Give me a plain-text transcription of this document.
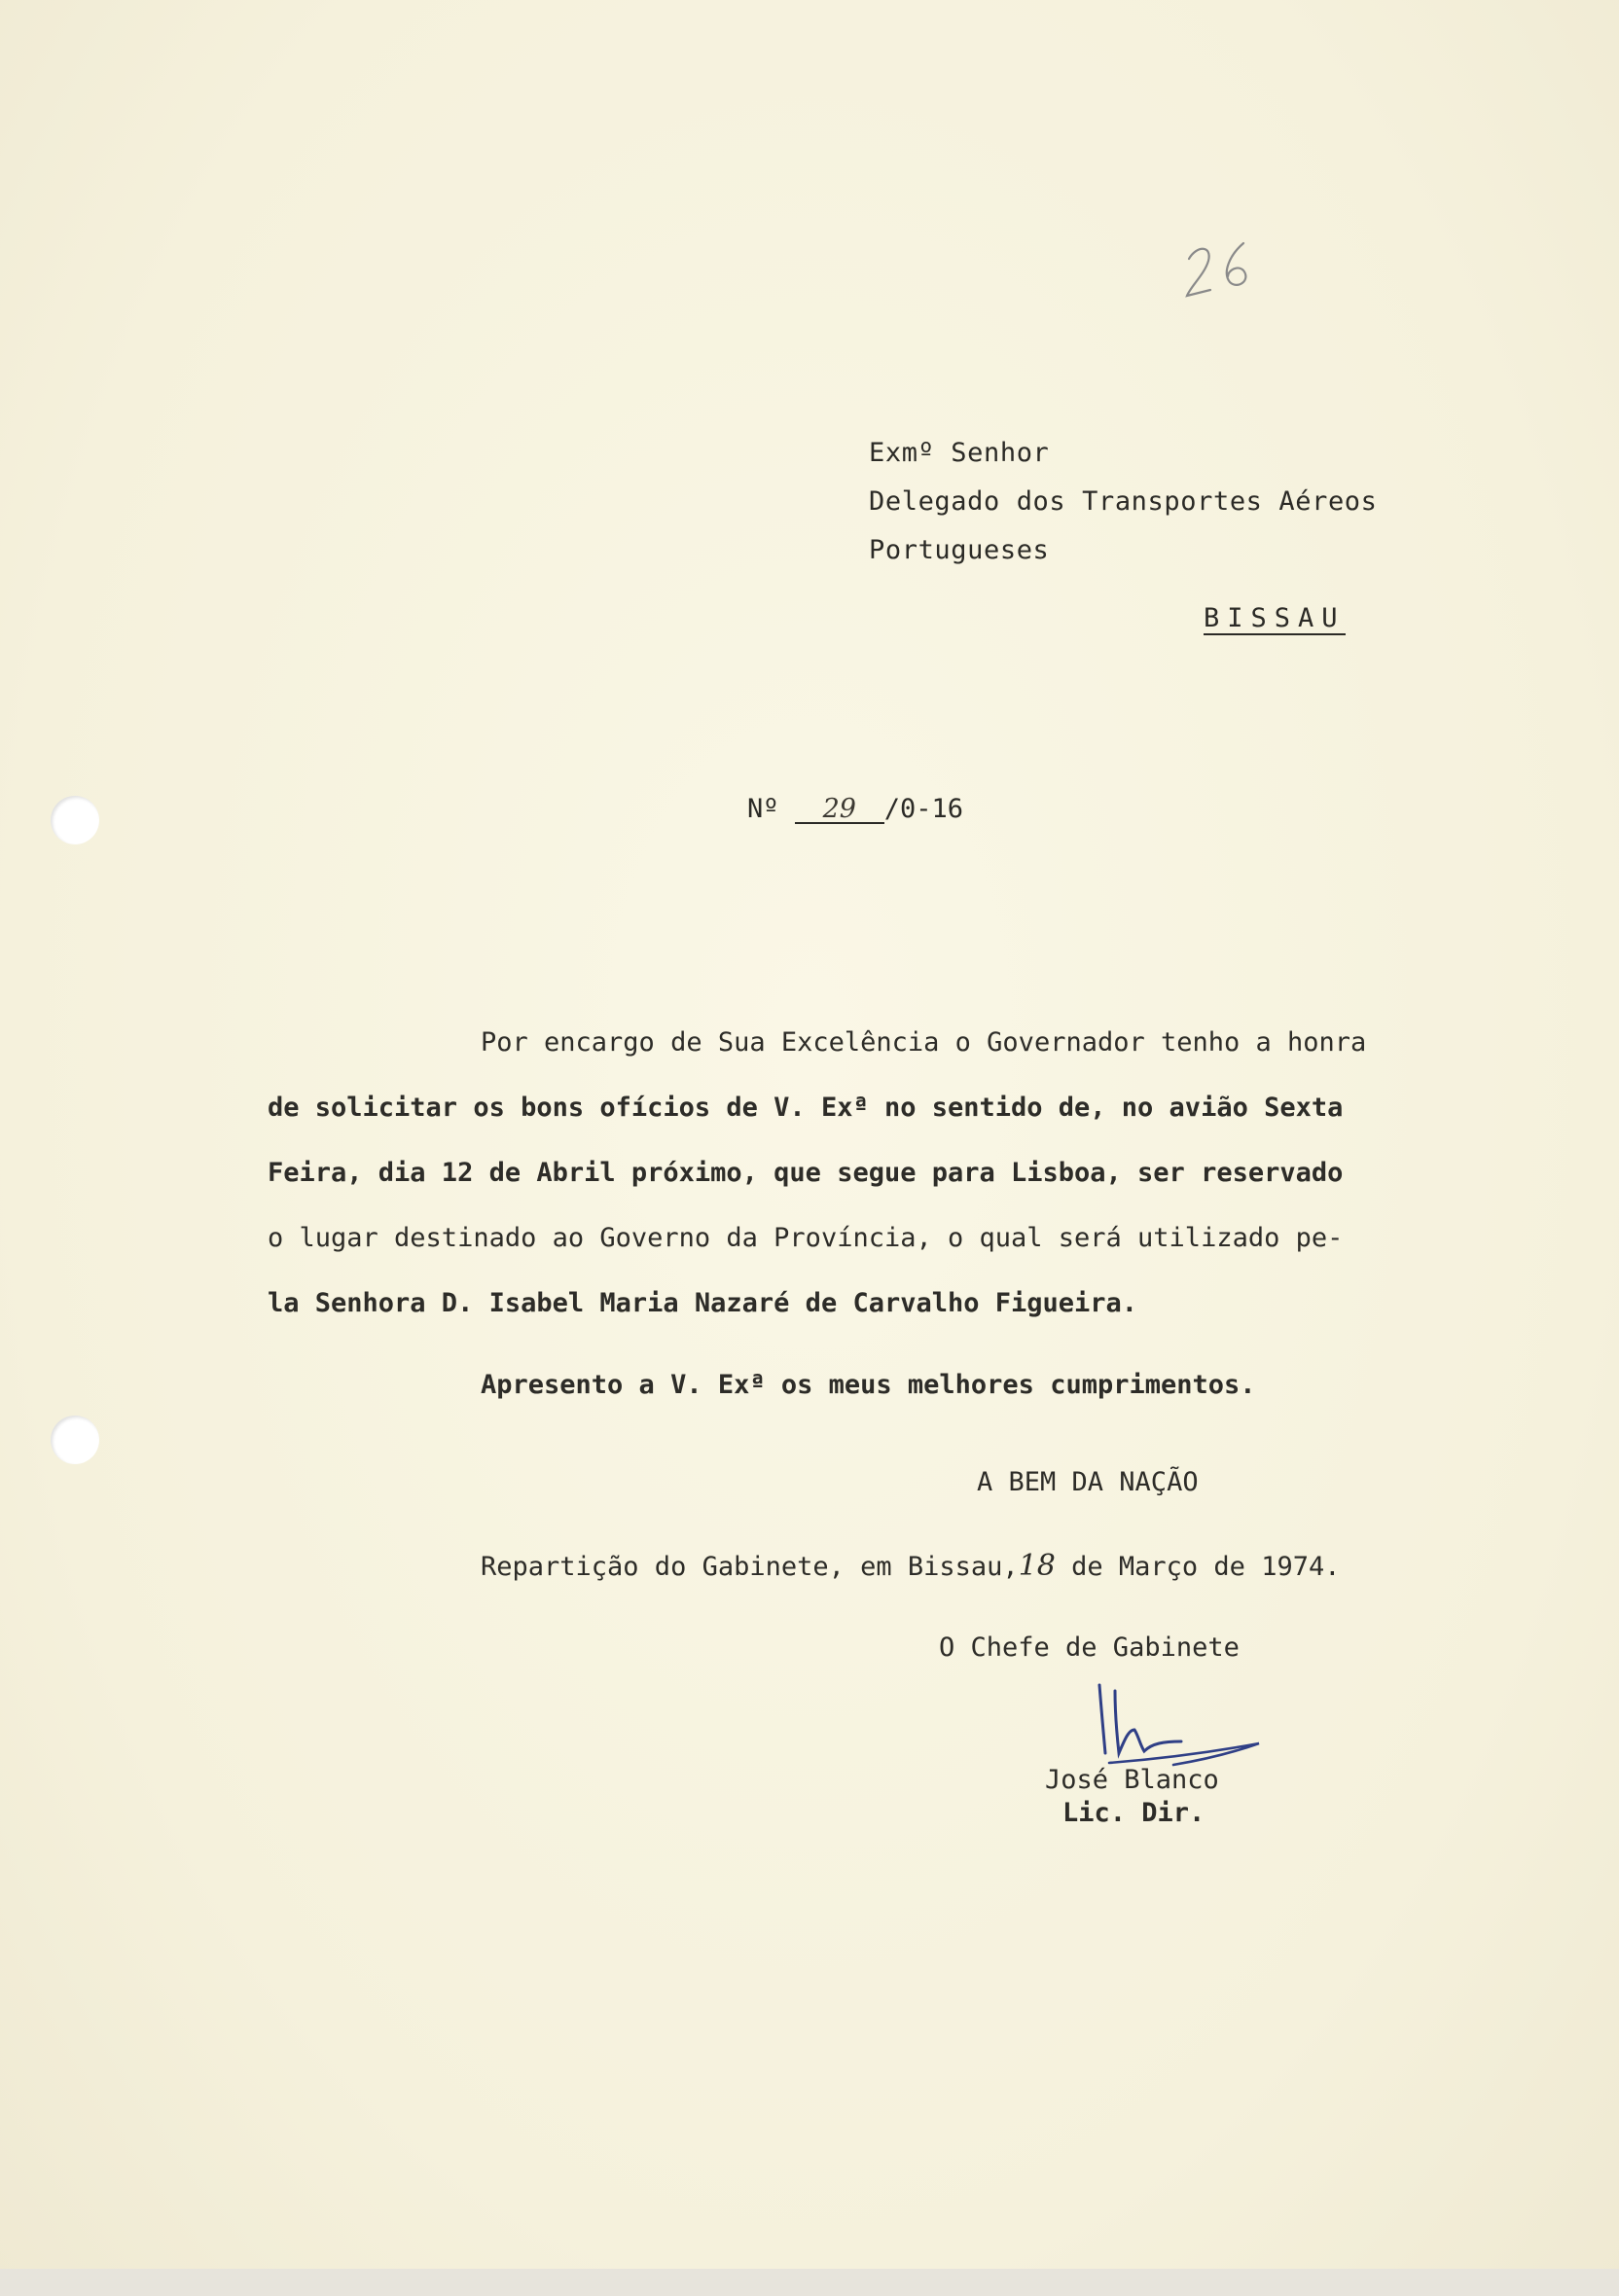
Exmº Senhor
Delegado dos Transportes Aéreos
Portugueses
BISSAU
Nº 29 /0-16
Por encargo de Sua Excelência o Governador tenho a honra
de solicitar os bons ofícios de V. Exª no sentido de, no avião Sexta
Feira, dia 12 de Abril próximo, que segue para Lisboa, ser reservado
o lugar destinado ao Governo da Província, o qual será utilizado pe-
la Senhora D. Isabel Maria Nazaré de Carvalho Figueira.
Apresento a V. Exª os meus melhores cumprimentos.
A BEM DA NAÇÃO
Repartição do Gabinete, em Bissau,18 de Março de 1974.
O Chefe de Gabinete
José Blanco
Lic. Dir.
